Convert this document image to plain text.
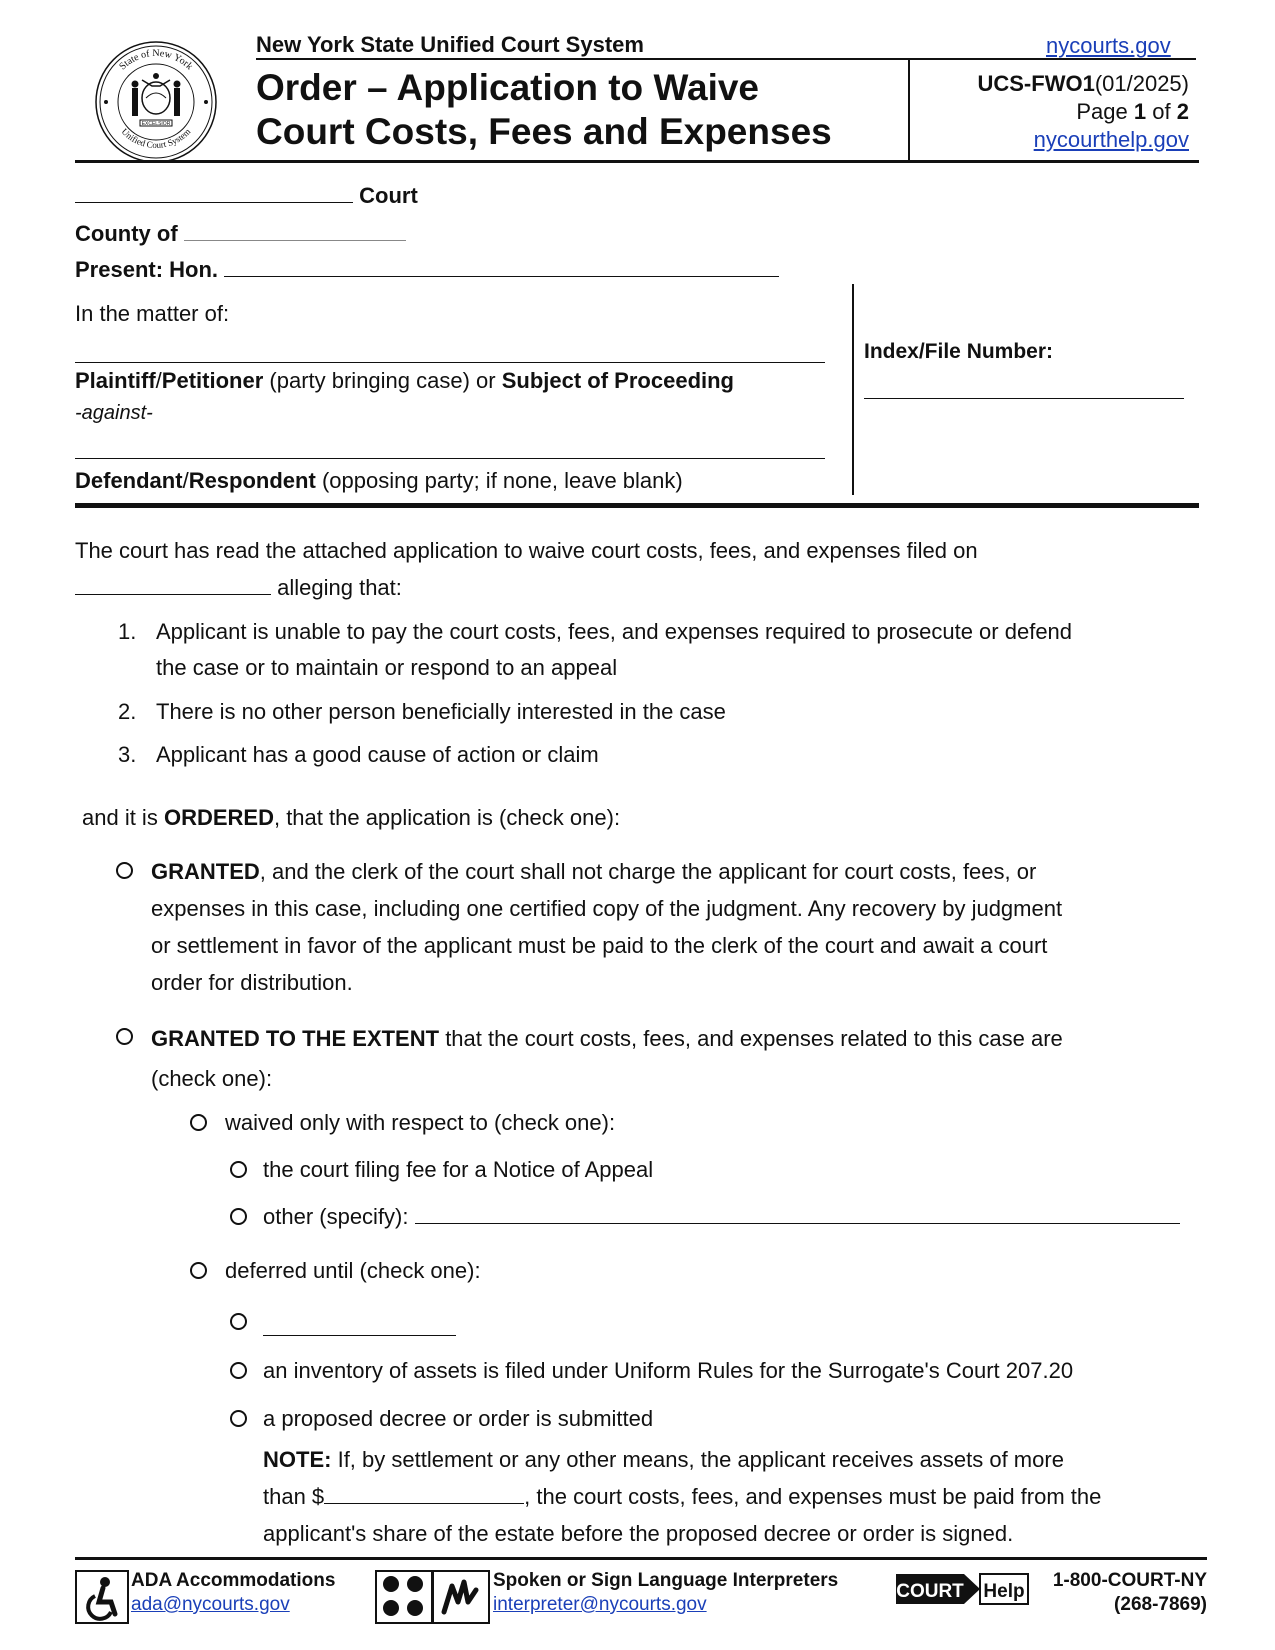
State of New York
Unified Court System
EXCELSIOR
New York State Unified Court System
Order – Application to Waive
Court Costs, Fees and Expenses
nycourts.gov
UCS-FWO1(01/2025)
Page 1 of 2
nycourthelp.gov
Court
County of
Present: Hon.
In the matter of:
Plaintiff/Petitioner (party bringing case) or Subject of Proceeding
-against-
Defendant/Respondent (opposing party; if none, leave blank)
Index/File Number:
The court has read the attached application to waive court costs, fees, and expenses filed on
alleging that:
1. Applicant is unable to pay the court costs, fees, and expenses required to prosecute or defend
the case or to maintain or respond to an appeal
2. There is no other person beneficially interested in the case
3. Applicant has a good cause of action or claim
and it is ORDERED, that the application is (check one):
GRANTED, and the clerk of the court shall not charge the applicant for court costs, fees, or
expenses in this case, including one certified copy of the judgment. Any recovery by judgment
or settlement in favor of the applicant must be paid to the clerk of the court and await a court
order for distribution.
GRANTED TO THE EXTENT that the court costs, fees, and expenses related to this case are
(check one):
waived only with respect to (check one):
the court filing fee for a Notice of Appeal
other (specify):
deferred until (check one):
an inventory of assets is filed under Uniform Rules for the Surrogate's Court 207.20
a proposed decree or order is submitted
NOTE: If, by settlement or any other means, the applicant receives assets of more
than $	, the court costs, fees, and expenses must be paid from the
applicant's share of the estate before the proposed decree or order is signed.
ADA Accommodations
ada@nycourts.gov
Spoken or Sign Language Interpreters
interpreter@nycourts.gov
COURT Help
1-800-COURT-NY
(268-7869)
